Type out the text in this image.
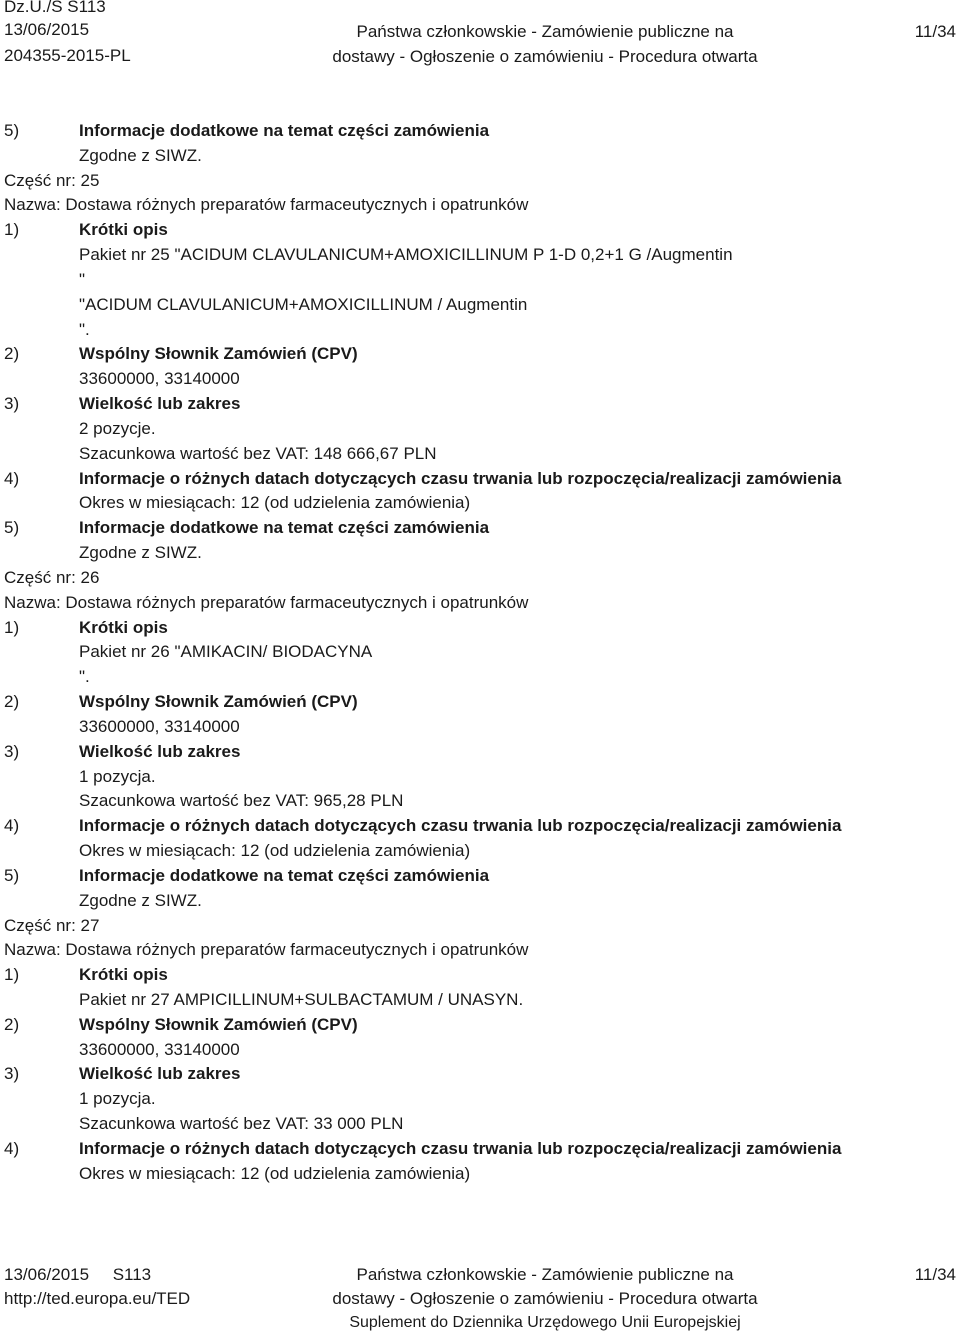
Dz.U./S S113
13/06/2015
204355-2015-PL
Państwa członkowskie - Zamówienie publiczne na
dostawy - Ogłoszenie o zamówieniu - Procedura otwarta
11/34
5)	Informacje dodatkowe na temat części zamówienia
Zgodne z SIWZ.
Część nr: 25
Nazwa: Dostawa różnych preparatów farmaceutycznych i opatrunków
1)	Krótki opis
Pakiet nr 25 "ACIDUM CLAVULANICUM+AMOXICILLINUM P 1-D 0,2+1 G /Augmentin
"
"ACIDUM CLAVULANICUM+AMOXICILLINUM / Augmentin
".
2)	Wspólny Słownik Zamówień (CPV)
33600000, 33140000
3)	Wielkość lub zakres
2 pozycje.
Szacunkowa wartość bez VAT: 148 666,67 PLN
4)	Informacje o różnych datach dotyczących czasu trwania lub rozpoczęcia/realizacji zamówienia
Okres w miesiącach: 12 (od udzielenia zamówienia)
5)	Informacje dodatkowe na temat części zamówienia
Zgodne z SIWZ.
Część nr: 26
Nazwa: Dostawa różnych preparatów farmaceutycznych i opatrunków
1)	Krótki opis
Pakiet nr 26 "AMIKACIN/ BIODACYNA
".
2)	Wspólny Słownik Zamówień (CPV)
33600000, 33140000
3)	Wielkość lub zakres
1 pozycja.
Szacunkowa wartość bez VAT: 965,28 PLN
4)	Informacje o różnych datach dotyczących czasu trwania lub rozpoczęcia/realizacji zamówienia
Okres w miesiącach: 12 (od udzielenia zamówienia)
5)	Informacje dodatkowe na temat części zamówienia
Zgodne z SIWZ.
Część nr: 27
Nazwa: Dostawa różnych preparatów farmaceutycznych i opatrunków
1)	Krótki opis
Pakiet nr 27 AMPICILLINUM+SULBACTAMUM / UNASYN.
2)	Wspólny Słownik Zamówień (CPV)
33600000, 33140000
3)	Wielkość lub zakres
1 pozycja.
Szacunkowa wartość bez VAT: 33 000 PLN
4)	Informacje o różnych datach dotyczących czasu trwania lub rozpoczęcia/realizacji zamówienia
Okres w miesiącach: 12 (od udzielenia zamówienia)
13/06/2015     S113
http://ted.europa.eu/TED
Państwa członkowskie - Zamówienie publiczne na
dostawy - Ogłoszenie o zamówieniu - Procedura otwarta
Suplement do Dziennika Urzędowego Unii Europejskiej
11/34
